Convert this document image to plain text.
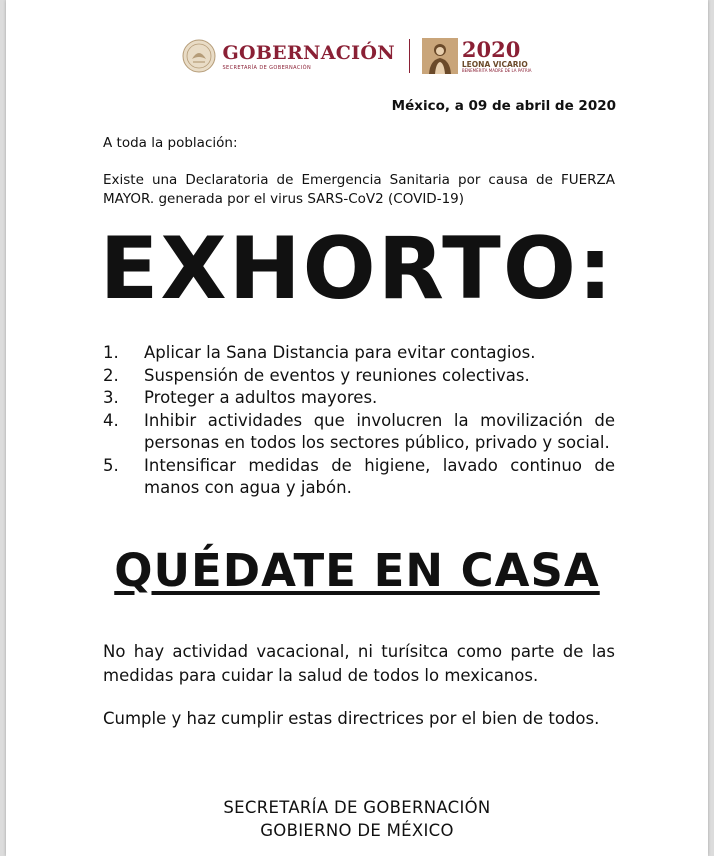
GOBERNACIÓN
SECRETARÍA DE GOBERNACIÓN
2020
LEONA VICARIO
BENEMÉRITA MADRE DE LA PATRIA
México, a 09 de abril de 2020
A toda la población:
Existe una Declaratoria de Emergencia Sanitaria por causa de FUERZA MAYOR. generada por el virus SARS-CoV2 (COVID-19)
EXHORTO:
1.	Aplicar la Sana Distancia para evitar contagios.
2.	Suspensión de eventos y reuniones colectivas.
3.	Proteger a adultos mayores.
4.	Inhibir actividades que involucren la movilización de personas en todos los sectores público, privado y social.
5.	Intensificar medidas de higiene, lavado continuo de manos con agua y jabón.
QUÉDATE EN CASA
No hay actividad vacacional, ni turísitca como parte de las medidas para cuidar la salud de todos lo mexicanos.
Cumple y haz cumplir estas directrices por el bien de todos.
SECRETARÍA DE GOBERNACIÓN
GOBIERNO DE MÉXICO
